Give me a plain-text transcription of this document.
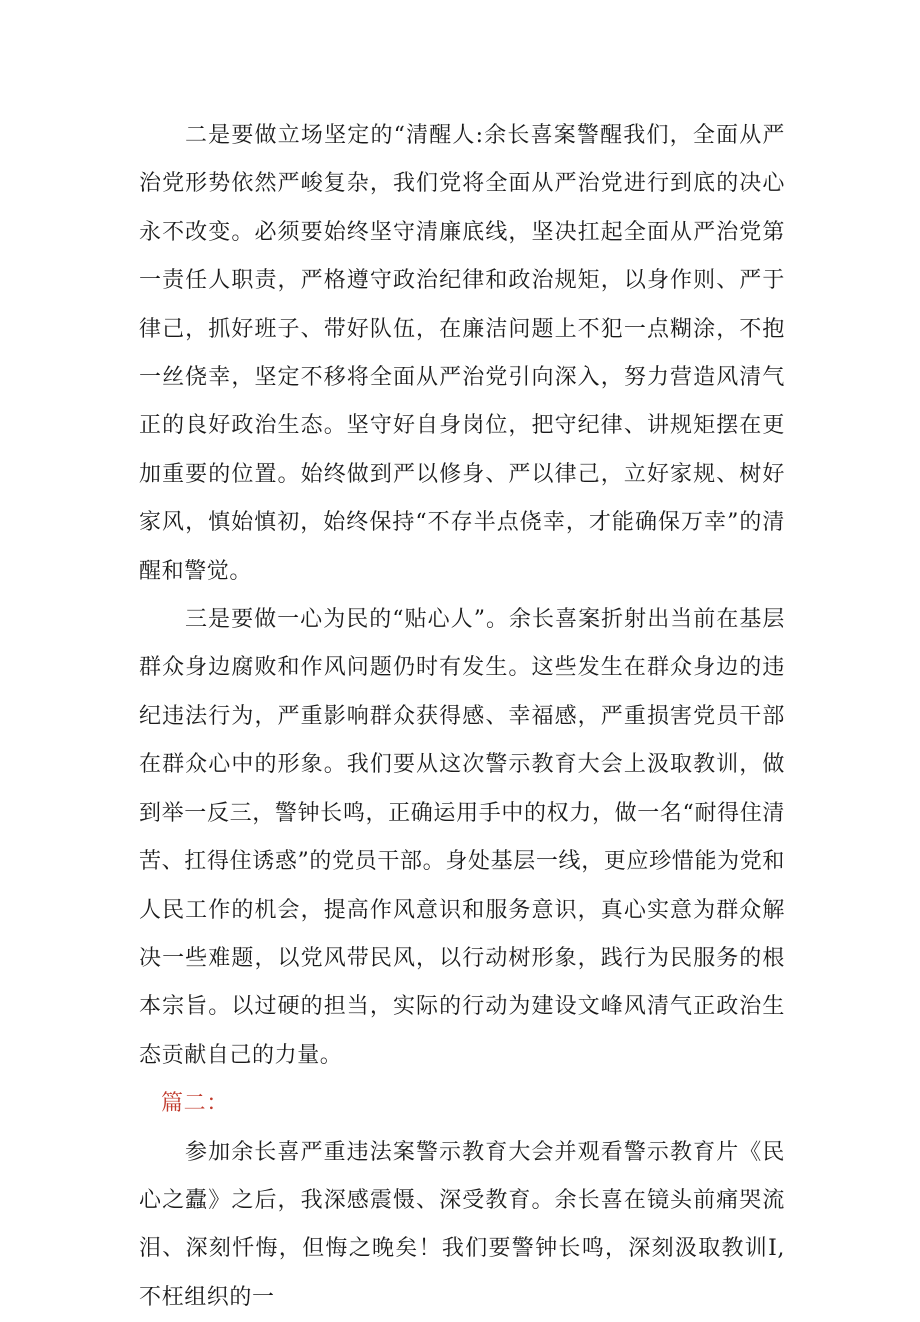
二是要做立场坚定的“清醒人:余长喜案警醒我们，全面从严治党形势依然严峻复杂，我们党将全面从严治党进行到底的决心永不改变。必须要始终坚守清廉底线，坚决扛起全面从严治党第一责任人职责，严格遵守政治纪律和政治规矩，以身作则、严于律己，抓好班子、带好队伍，在廉洁问题上不犯一点糊涂，不抱一丝侥幸，坚定不移将全面从严治党引向深入，努力营造风清气正的良好政治生态。坚守好自身岗位，把守纪律、讲规矩摆在更加重要的位置。始终做到严以修身、严以律己，立好家规、树好家风，慎始慎初，始终保持“不存半点侥幸，才能确保万幸”的清醒和警觉。

三是要做一心为民的“贴心人”。余长喜案折射出当前在基层群众身边腐败和作风问题仍时有发生。这些发生在群众身边的违纪违法行为，严重影响群众获得感、幸福感，严重损害党员干部在群众心中的形象。我们要从这次警示教育大会上汲取教训，做到举一反三，警钟长鸣，正确运用手中的权力，做一名“耐得住清苦、扛得住诱惑”的党员干部。身处基层一线，更应珍惜能为党和人民工作的机会，提高作风意识和服务意识，真心实意为群众解决一些难题，以党风带民风，以行动树形象，践行为民服务的根本宗旨。以过硬的担当，实际的行动为建设文峰风清气正政治生态贡献自己的力量。

篇二：

参加余长喜严重违法案警示教育大会并观看警示教育片《民心之蠹》之后，我深感震慑、深受教育。余长喜在镜头前痛哭流泪、深刻忏悔，但悔之晚矣！我们要警钟长鸣，深刻汲取教训I,不枉组织的一
